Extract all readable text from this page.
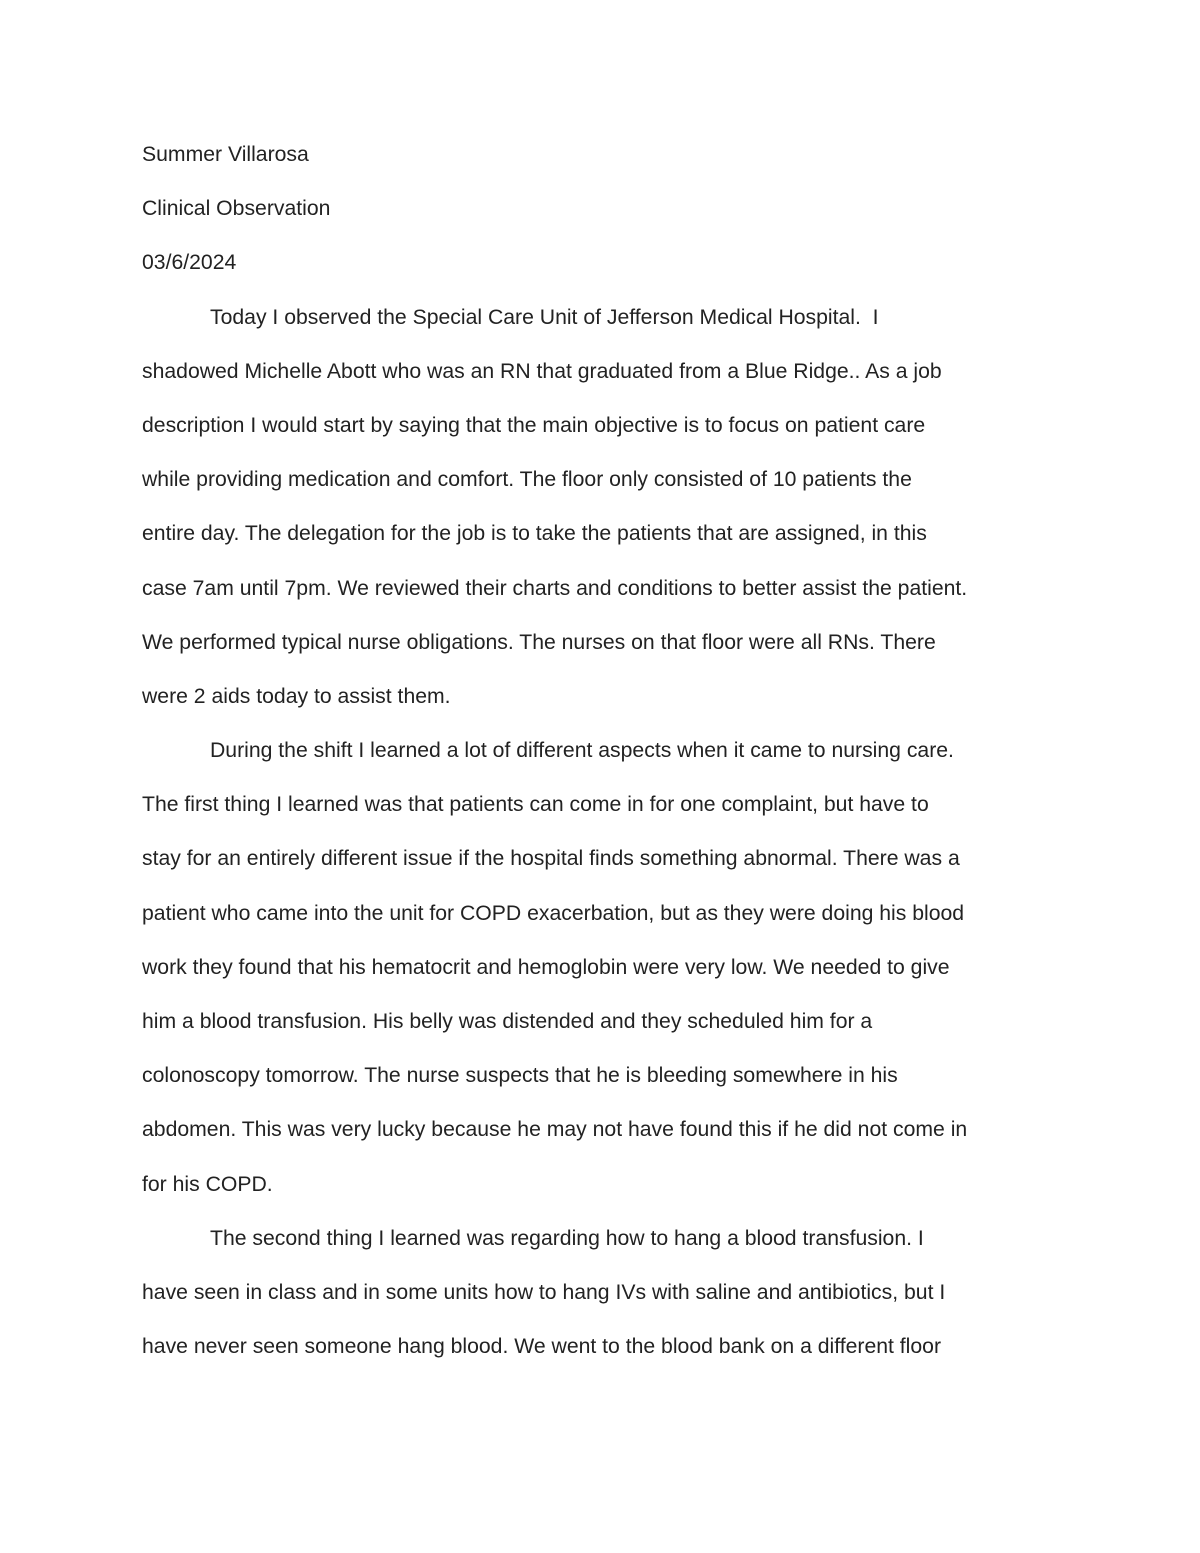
Summer Villarosa
Clinical Observation
03/6/2024
Today I observed the Special Care Unit of Jefferson Medical Hospital.  I
shadowed Michelle Abott who was an RN that graduated from a Blue Ridge.. As a job
description I would start by saying that the main objective is to focus on patient care
while providing medication and comfort. The floor only consisted of 10 patients the
entire day. The delegation for the job is to take the patients that are assigned, in this
case 7am until 7pm. We reviewed their charts and conditions to better assist the patient.
We performed typical nurse obligations. The nurses on that floor were all RNs. There
were 2 aids today to assist them.
During the shift I learned a lot of different aspects when it came to nursing care.
The first thing I learned was that patients can come in for one complaint, but have to
stay for an entirely different issue if the hospital finds something abnormal. There was a
patient who came into the unit for COPD exacerbation, but as they were doing his blood
work they found that his hematocrit and hemoglobin were very low. We needed to give
him a blood transfusion. His belly was distended and they scheduled him for a
colonoscopy tomorrow. The nurse suspects that he is bleeding somewhere in his
abdomen. This was very lucky because he may not have found this if he did not come in
for his COPD.
The second thing I learned was regarding how to hang a blood transfusion. I
have seen in class and in some units how to hang IVs with saline and antibiotics, but I
have never seen someone hang blood. We went to the blood bank on a different floor
